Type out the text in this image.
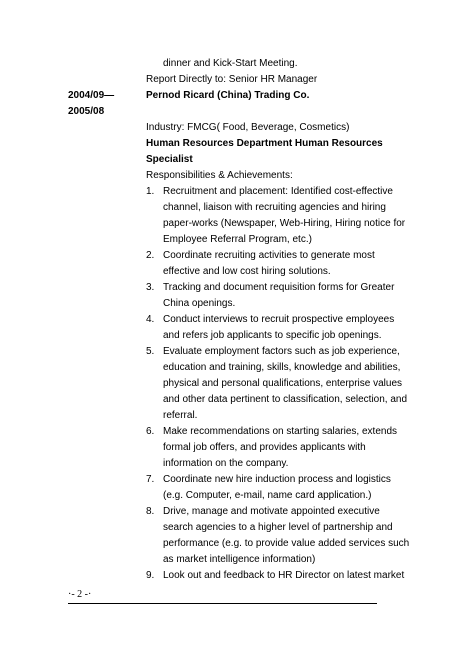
dinner and Kick-Start Meeting.
Report Directly to: Senior HR Manager
2004/09—
2005/08
Pernod Ricard (China) Trading Co.
Industry: FMCG( Food, Beverage, Cosmetics)
Human Resources Department Human Resources
Specialist
Responsibilities & Achievements:
1. Recruitment and placement: Identified cost-effective
channel, liaison with recruiting agencies and hiring
paper-works (Newspaper, Web-Hiring, Hiring notice for
Employee Referral Program, etc.)
2. Coordinate recruiting activities to generate most
effective and low cost hiring solutions.
3. Tracking and document requisition forms for Greater
China openings.
4. Conduct interviews to recruit prospective employees
and refers job applicants to specific job openings.
5. Evaluate employment factors such as job experience,
education and training, skills, knowledge and abilities,
physical and personal qualifications, enterprise values
and other data pertinent to classification, selection, and
referral.
6. Make recommendations on starting salaries, extends
formal job offers, and provides applicants with
information on the company.
7. Coordinate new hire induction process and logistics
(e.g. Computer, e-mail, name card application.)
8. Drive, manage and motivate appointed executive
search agencies to a higher level of partnership and
performance (e.g. to provide value added services such
as market intelligence information)
9. Look out and feedback to HR Director on latest market
·- 2 -·
